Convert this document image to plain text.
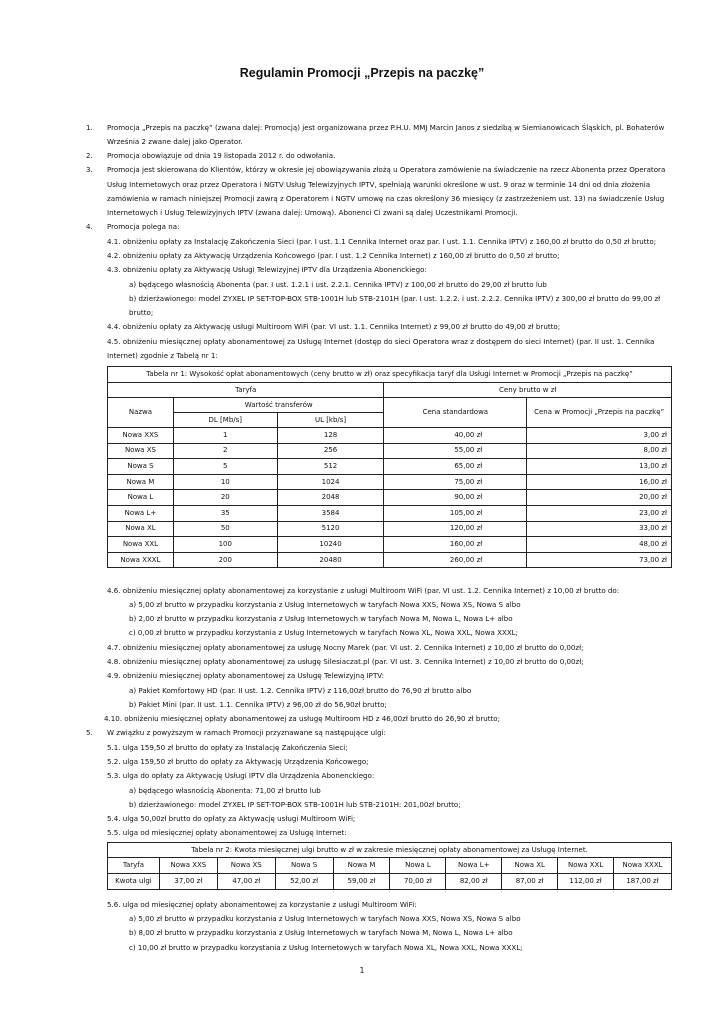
Regulamin Promocji „Przepis na paczkę”
1. Promocja „Przepis na paczkę” (zwana dalej: Promocją) jest organizowana przez P.H.U. MMJ Marcin Janos z siedzibą w Siemianowicach Śląskich, pl. Bohaterów
Września 2 zwane dalej jako Operator.
2. Promocja obowiązuje od dnia 19 listopada 2012 r. do odwołania.
3. Promocja jest skierowana do Klientów, którzy w okresie jej obowiązywania złożą u Operatora zamówienie na świadczenie na rzecz Abonenta przez Operatora
Usług Internetowych oraz przez Operatora i NGTV Usług Telewizyjnych IPTV, spełniają warunki określone w ust. 9 oraz w terminie 14 dni od dnia złożenia
zamówienia w ramach niniejszej Promocji zawrą z Operatorem i NGTV umowę na czas określony 36 miesięcy (z zastrzeżeniem ust. 13) na świadczenie Usług
Internetowych i Usług Telewizyjnych IPTV (zwana dalej: Umową). Abonenci Ci zwani są dalej Uczestnikami Promocji.
4. Promocja polega na:
4.1. obniżeniu opłaty za Instalację Zakończenia Sieci (par. I ust. 1.1 Cennika Internet oraz par. I ust. 1.1. Cennika IPTV) z 160,00 zł brutto do 0,50 zł brutto;
4.2. obniżeniu opłaty za Aktywację Urządzenia Końcowego (par. I ust. 1.2 Cennika Internet) z 160,00 zł brutto do 0,50 zł brutto;
4.3. obniżeniu opłaty za Aktywację Usługi Telewizyjnej IPTV dla Urządzenia Abonenckiego:
a) będącego własnością Abonenta (par. I ust. 1.2.1 i ust. 2.2.1. Cennika IPTV) z 100,00 zł brutto do 29,00 zł brutto lub
b) dzierżawionego: model ZYXEL IP SET-TOP-BOX STB-1001H lub STB-2101H (par. I ust. 1.2.2. i ust. 2.2.2. Cennika IPTV) z 300,00 zł brutto do 99,00 zł
brutto;
4.4. obniżeniu opłaty za Aktywację usługi Multiroom WiFi (par. VI ust. 1.1. Cennika Internet) z 99,00 zł brutto do 49,00 zł brutto;
4.5. obniżeniu miesięcznej opłaty abonamentowej za Usługę Internet (dostęp do sieci Operatora wraz z dostępem do sieci Internet) (par. II ust. 1. Cennika
Internet) zgodnie z Tabelą nr 1:
Tabela nr 1: Wysokość opłat abonamentowych (ceny brutto w zł) oraz specyfikacja taryf dla Usługi Internet w Promocji „Przepis na paczkę”				
Taryfa			Ceny brutto w zł	
Nazwa	Wartość transferów		Cena standardowa	Cena w Promocji „Przepis na paczkę”
	DL [Mb/s]	UL [kb/s]		
Nowa XXS	1	128	40,00 zł	3,00 zł
Nowa XS	2	256	55,00 zł	8,00 zł
Nowa S	5	512	65,00 zł	13,00 zł
Nowa M	10	1024	75,00 zł	16,00 zł
Nowa L	20	2048	90,00 zł	20,00 zł
Nowa L+	35	3584	105,00 zł	23,00 zł
Nowa XL	50	5120	120,00 zł	33,00 zł
Nowa XXL	100	10240	160,00 zł	48,00 zł
Nowa XXXL	200	20480	260,00 zł	73,00 zł
4.6. obniżeniu miesięcznej opłaty abonamentowej za korzystanie z usługi Multiroom WiFi (par. VI ust. 1.2. Cennika Internet) z 10,00 zł brutto do:
a) 5,00 zł brutto w przypadku korzystania z Usług Internetowych w taryfach Nowa XXS, Nowa XS, Nowa S albo
b) 2,00 zł brutto w przypadku korzystania z Usług Internetowych w taryfach Nowa M, Nowa L, Nowa L+ albo
c) 0,00 zł brutto w przypadku korzystania z Usług Internetowych w taryfach Nowa XL, Nowa XXL, Nowa XXXL;
4.7. obniżeniu miesięcznej opłaty abonamentowej za usługę Nocny Marek (par. VI ust. 2. Cennika Internet) z 10,00 zł brutto do 0,00zł;
4.8. obniżeniu miesięcznej opłaty abonamentowej za usługę Silesiaczat.pl (par. VI ust. 3. Cennika Internet) z 10,00 zł brutto do 0,00zł;
4.9. obniżeniu miesięcznej opłaty abonamentowej za Usługę Telewizyjną IPTV:
a) Pakiet Komfortowy HD (par. II ust. 1.2. Cennika IPTV) z 116,00zł brutto do 76,90 zł brutto albo
b) Pakiet Mini (par. II ust. 1.1. Cennika IPTV) z 96,00 zł do 56,90zł brutto;
4.10. obniżeniu miesięcznej opłaty abonamentowej za usługę Multiroom HD z 46,00zł brutto do 26,90 zł brutto;
5. W związku z powyższym w ramach Promocji przyznawane są następujące ulgi:
5.1. ulga 159,50 zł brutto do opłaty za Instalację Zakończenia Sieci;
5.2. ulga 159,50 zł brutto do opłaty za Aktywację Urządzenia Końcowego;
5.3. ulga do opłaty za Aktywację Usługi IPTV dla Urządzenia Abonenckiego:
a) będącego własnością Abonenta: 71,00 zł brutto lub
b) dzierżawionego: model ZYXEL IP SET-TOP-BOX STB-1001H lub STB-2101H: 201,00zł brutto;
5.4. ulga 50,00zł brutto do opłaty za Aktywację usługi Multiroom WiFi;
5.5. ulga od miesięcznej opłaty abonamentowej za Usługę Internet:
Tabela nr 2: Kwota miesięcznej ulgi brutto w zł w zakresie miesięcznej opłaty abonamentowej za Usługę Internet.									
Taryfa	Nowa XXS	Nowa XS	Nowa S	Nowa M	Nowa L	Nowa L+	Nowa XL	Nowa XXL	Nowa XXXL
Kwota ulgi	37,00 zł	47,00 zł	52,00 zł	59,00 zł	70,00 zł	82,00 zł	87,00 zł	112,00 zł	187,00 zł
5.6. ulga od miesięcznej opłaty abonamentowej za korzystanie z usługi Multiroom WiFi:
a) 5,00 zł brutto w przypadku korzystania z Usług Internetowych w taryfach Nowa XXS, Nowa XS, Nowa S albo
b) 8,00 zł brutto w przypadku korzystania z Usług Internetowych w taryfach Nowa M, Nowa L, Nowa L+ albo
c) 10,00 zł brutto w przypadku korzystania z Usług Internetowych w taryfach Nowa XL, Nowa XXL, Nowa XXXL;
1
